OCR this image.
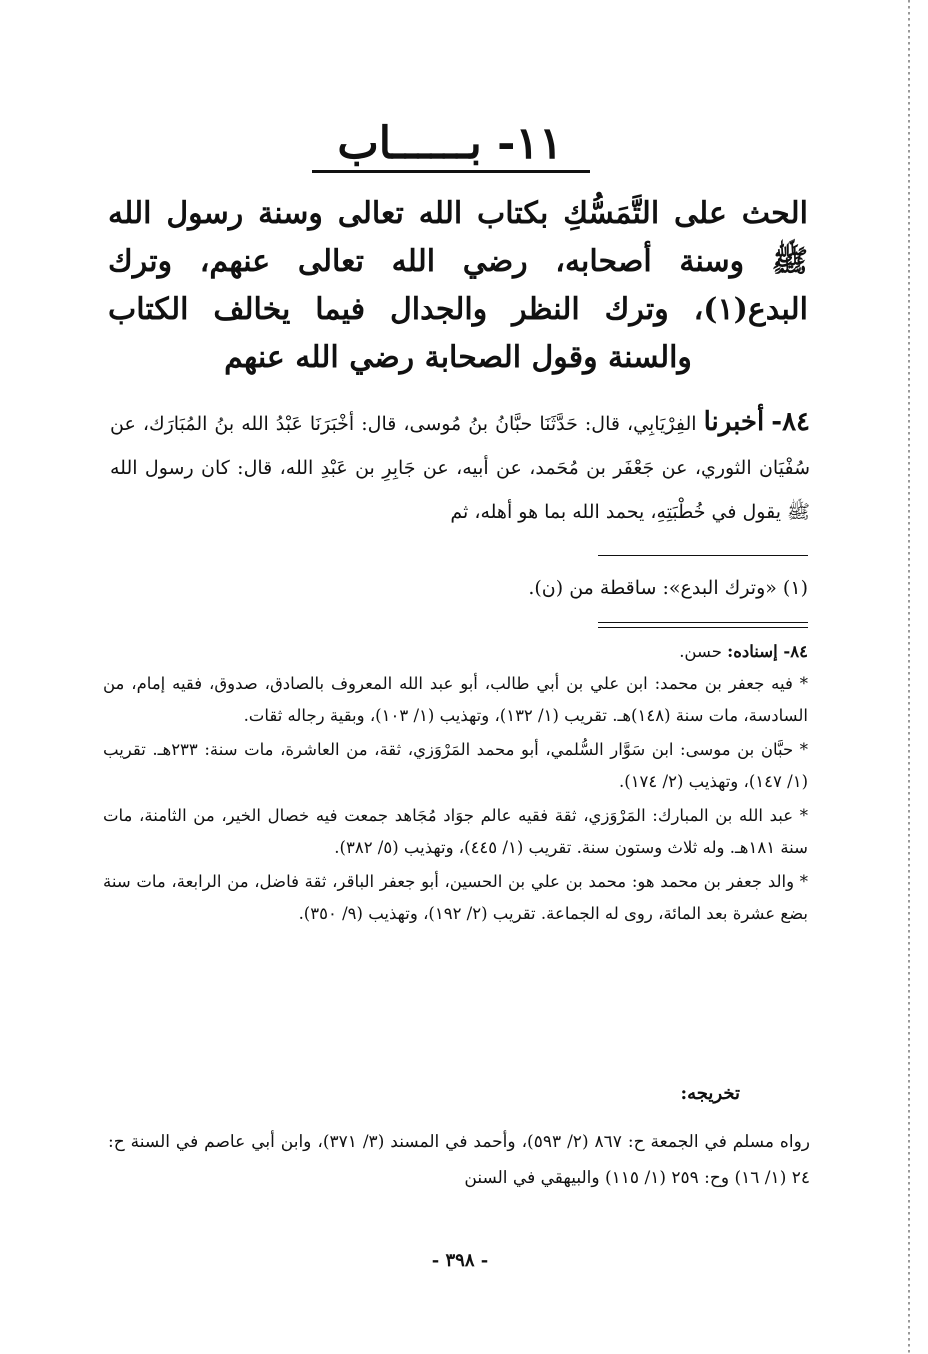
١١- بــــــاب
الحث على التَّمَسُّكِ بكتاب الله تعالى وسنة رسول الله ﷺ وسنة أصحابه، رضي الله تعالى عنهم، وترك البدع(١)، وترك النظر والجدال فيما يخالف الكتاب والسنة وقول الصحابة رضي الله عنهم
٨٤- أخبرنا الفِرْيَابِي، قال: حَدَّثَنَا حبَّانُ بنُ مُوسى، قال: أخْبَرَنَا عَبْدُ الله بنُ المُبَارَك، عن سُفْيَان الثوري، عن جَعْفَر بن مُحَمد، عن أبيه، عن جَابِرِ بن عَبْدِ الله، قال: كان رسول الله ﷺ يقول في خُطْبَتِهِ، يحمد الله بما هو أهله، ثم
(١) «وترك البدع»: ساقطة من (ن).

٨٤- إسناده: حسن.

* فيه جعفر بن محمد: ابن علي بن أبي طالب، أبو عبد الله المعروف بالصادق، صدوق، فقيه إمام، من السادسة، مات سنة (١٤٨)هـ. تقريب (١/ ١٣٢)، وتهذيب (١/ ١٠٣)، وبقية رجاله ثقات.

* حبَّان بن موسى: ابن سَوَّار السُّلمي، أبو محمد المَرْوَزي، ثقة، من العاشرة، مات سنة: ٢٣٣هـ. تقريب (١/ ١٤٧)، وتهذيب (٢/ ١٧٤).

* عبد الله بن المبارك: المَرْوَزي، ثقة فقيه عالم جوَاد مُجَاهد جمعت فيه خصال الخير، من الثامنة، مات سنة ١٨١هـ. وله ثلاث وستون سنة. تقريب (١/ ٤٤٥)، وتهذيب (٥/ ٣٨٢).

* والد جعفر بن محمد هو: محمد بن علي بن الحسين، أبو جعفر الباقر، ثقة فاضل، من الرابعة، مات سنة بضع عشرة بعد المائة، روى له الجماعة. تقريب (٢/ ١٩٢)، وتهذيب (٩/ ٣٥٠).

تخريجه:
رواه مسلم في الجمعة ح: ٨٦٧ (٢/ ٥٩٣)، وأحمد في المسند (٣/ ٣٧١)، وابن أبي عاصم في السنة ح: ٢٤ (١/ ١٦) وح: ٢٥٩ (١/ ١١٥) والبيهقي في السنن
- ٣٩٨ -
